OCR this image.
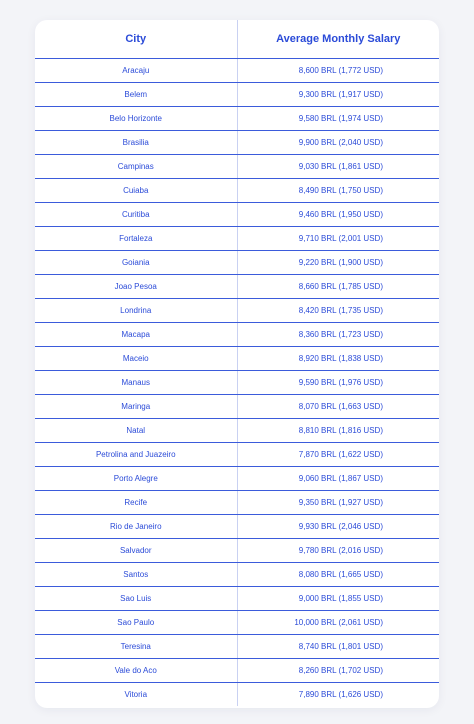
City	Average Monthly Salary
Aracaju	8,600 BRL (1,772 USD)
Belem	9,300 BRL (1,917 USD)
Belo Horizonte	9,580 BRL (1,974 USD)
Brasilia	9,900 BRL (2,040 USD)
Campinas	9,030 BRL (1,861 USD)
Cuiaba	8,490 BRL (1,750 USD)
Curitiba	9,460 BRL (1,950 USD)
Fortaleza	9,710 BRL (2,001 USD)
Goiania	9,220 BRL (1,900 USD)
Joao Pesoa	8,660 BRL (1,785 USD)
Londrina	8,420 BRL (1,735 USD)
Macapa	8,360 BRL (1,723 USD)
Maceio	8,920 BRL (1,838 USD)
Manaus	9,590 BRL (1,976 USD)
Maringa	8,070 BRL (1,663 USD)
Natal	8,810 BRL (1,816 USD)
Petrolina and Juazeiro	7,870 BRL (1,622 USD)
Porto Alegre	9,060 BRL (1,867 USD)
Recife	9,350 BRL (1,927 USD)
Rio de Janeiro	9,930 BRL (2,046 USD)
Salvador	9,780 BRL (2,016 USD)
Santos	8,080 BRL (1,665 USD)
Sao Luis	9,000 BRL (1,855 USD)
Sao Paulo	10,000 BRL (2,061 USD)
Teresina	8,740 BRL (1,801 USD)
Vale do Aco	8,260 BRL (1,702 USD)
Vitoria	7,890 BRL (1,626 USD)
